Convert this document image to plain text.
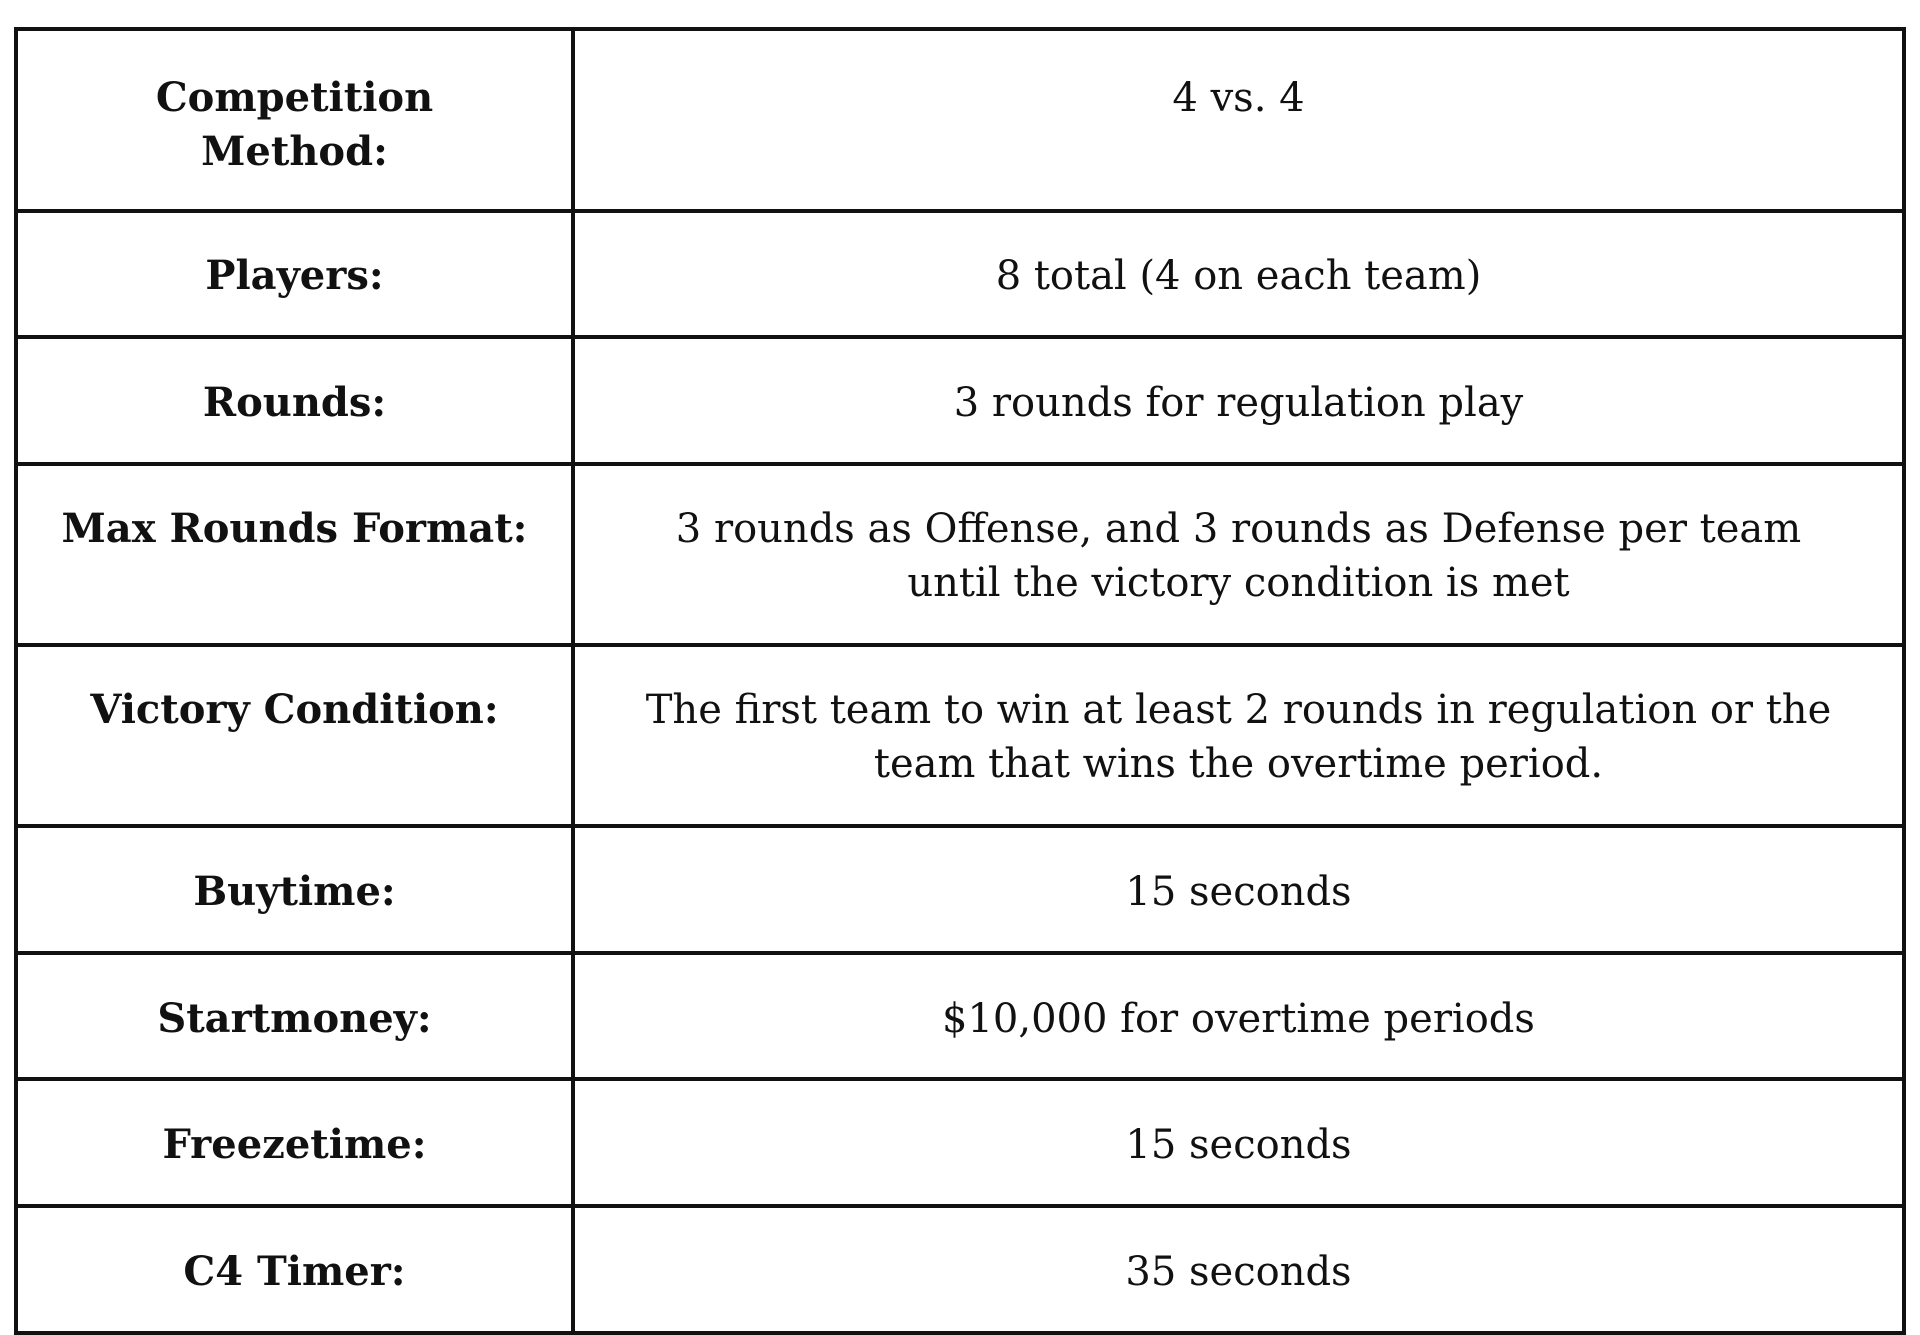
Competition Method:	4 vs. 4
Players:	8 total (4 on each team)
Rounds:	3 rounds for regulation play
Max Rounds Format:	3 rounds as Offense, and 3 rounds as Defense per team until the victory condition is met
Victory Condition:	The first team to win at least 2 rounds in regulation or the team that wins the overtime period.
Buytime:	15 seconds
Startmoney:	$10,000 for overtime periods
Freezetime:	15 seconds
C4 Timer:	35 seconds
